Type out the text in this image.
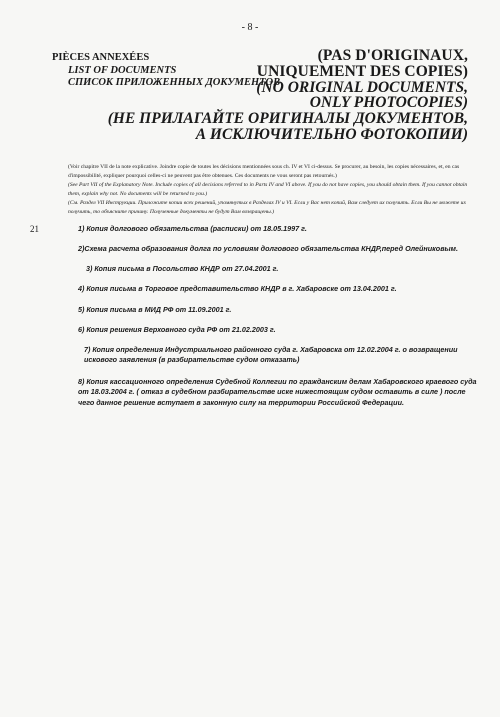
- 8 -
PIÈCES ANNEXÉES
LIST OF DOCUMENTS
СПИСОК ПРИЛОЖЕННЫХ ДОКУМЕНТОВ
(PAS D'ORIGINAUX,
UNIQUEMENT DES COPIES)
(NO ORIGINAL DOCUMENTS,
ONLY PHOTOCOPIES)
(НЕ ПРИЛАГАЙТЕ ОРИГИНАЛЫ ДОКУМЕНТОВ,
А ИСКЛЮЧИТЕЛЬНО ФОТОКОПИИ)

(Voir chapitre VII de la note explicative. Joindre copie de toutes les décisions mentionnées sous ch. IV et VI ci-dessus. Se procurer, au besoin, les copies nécessaires, et, en cas d'impossibilité, expliquer pourquoi celles-ci ne peuvent pas être obtenues. Ces documents ne vous seront pas retournés.)

(See Part VII of the Explanatory Note. Include copies of all decisions referred to in Parts IV and VI above. If you do not have copies, you should obtain them. If you cannot obtain them, explain why not. No documents will be returned to you.)

(См. Раздел VII Инструкции. Приложите копии всех решений, упомянутых в Разделах IV и VI. Если у Вас нет копий, Вам следует их получить. Если Вы не можете их получить, то объясните причину. Полученные документы не будут Вам возвращены.)

21	1) Копия долгового обязательства (расписки) от 18.05.1997 г.
2)Схема расчета образования долга по условиям долгового обязательства КНДР,перед Олейниковым.
3) Копия письма в Посольство КНДР от 27.04.2001 г.
4) Копия письма в Торговое представительство КНДР в г. Хабаровске от 13.04.2001 г.
5) Копия письма в МИД РФ от 11.09.2001 г.
6) Копия решения Верховного суда РФ от 21.02.2003 г.
7) Копия определения Индустриального районного суда г. Хабаровска от 12.02.2004 г. о возвращении искового заявления (в разбирательстве судом отказать)
8) Копия кассационного определения Судебной Коллегии по гражданским делам Хабаровского краевого суда от 18.03.2004 г. ( отказ в судебном разбирательстве иске нижестоящим судом оставить в силе ) после чего данное решение вступает в законную силу на территории Российской Федерации.
